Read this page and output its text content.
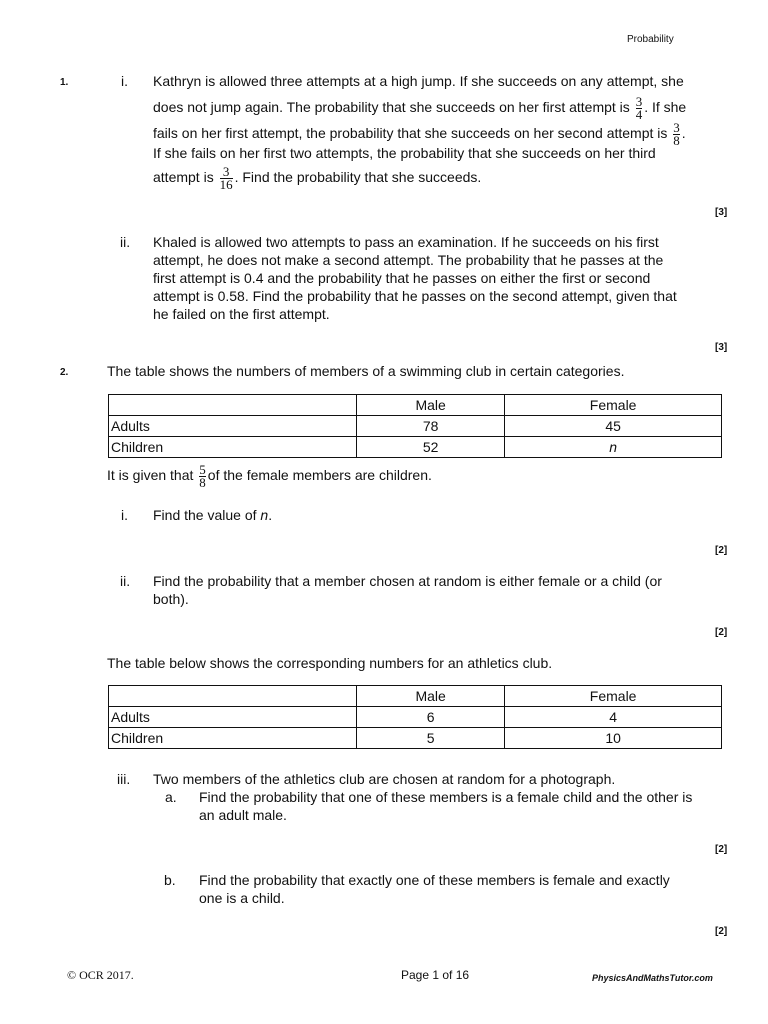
Probability
1.	i. Kathryn is allowed three attempts at a high jump. If she succeeds on any attempt, she
does not jump again. The probability that she succeeds on her first attempt is $\frac{3}{4}$ . If she
fails on her first attempt, the probability that she succeeds on her second attempt is $\frac{3}{8}$ .
If she fails on her first two attempts, the probability that she succeeds on her third
attempt is $\frac{3}{16}$ . Find the probability that she succeeds.
[3]
ii. Khaled is allowed two attempts to pass an examination. If he succeeds on his first
attempt, he does not make a second attempt. The probability that he passes at the
first attempt is 0.4 and the probability that he passes on either the first or second
attempt is 0.58. Find the probability that he passes on the second attempt, given that
he failed on the first attempt.
[3]
2.	The table shows the numbers of members of a swimming club in certain categories.
	Male	Female
Adults	78	45
Children	52	n
It is given that $\frac{5}{8}$ of the female members are children.
i. Find the value of n.
[2]
ii. Find the probability that a member chosen at random is either female or a child (or
both).
[2]
The table below shows the corresponding numbers for an athletics club.
	Male	Female
Adults	6	4
Children	5	10
iii. Two members of the athletics club are chosen at random for a photograph.
a. Find the probability that one of these members is a female child and the other is
an adult male.
[2]
b. Find the probability that exactly one of these members is female and exactly
one is a child.
[2]
© OCR 2017.	Page 1 of 16	PhysicsAndMathsTutor.com
